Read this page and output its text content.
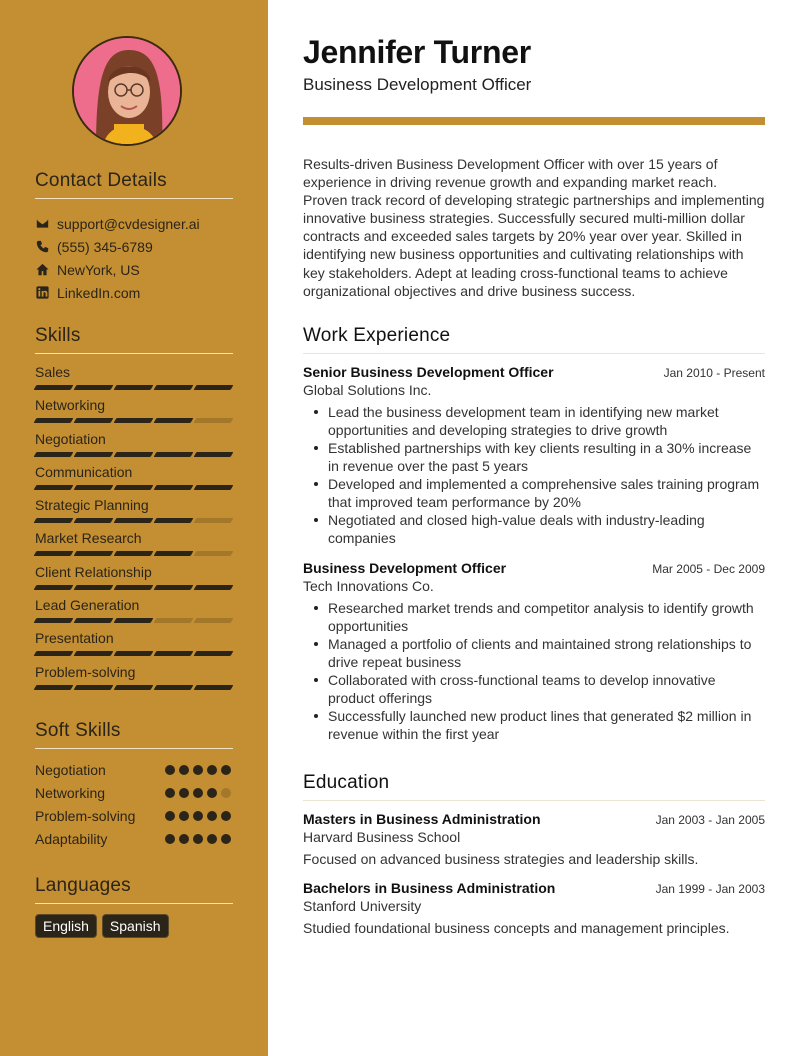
Contact Details
support@cvdesigner.ai
(555) 345-6789
NewYork, US
LinkedIn.com
Skills
Sales
Networking
Negotiation
Communication
Strategic Planning
Market Research
Client Relationship
Lead Generation
Presentation
Problem-solving
Soft Skills
Negotiation
Networking
Problem-solving
Adaptability
Languages
English	Spanish
Jennifer Turner
Business Development Officer
Results-driven Business Development Officer with over 15 years of experience in driving revenue growth and expanding market reach. Proven track record of developing strategic partnerships and implementing innovative business strategies. Successfully secured multi-million dollar contracts and exceeded sales targets by 20% year over year. Skilled in identifying new business opportunities and cultivating relationships with key stakeholders. Adept at leading cross-functional teams to achieve organizational objectives and drive business success.
Work Experience
Senior Business Development Officer	Jan 2010 - Present
Global Solutions Inc.
Lead the business development team in identifying new market opportunities and developing strategies to drive growth
Established partnerships with key clients resulting in a 30% increase in revenue over the past 5 years
Developed and implemented a comprehensive sales training program that improved team performance by 20%
Negotiated and closed high-value deals with industry-leading companies
Business Development Officer	Mar 2005 - Dec 2009
Tech Innovations Co.
Researched market trends and competitor analysis to identify growth opportunities
Managed a portfolio of clients and maintained strong relationships to drive repeat business
Collaborated with cross-functional teams to develop innovative product offerings
Successfully launched new product lines that generated $2 million in revenue within the first year
Education
Masters in Business Administration	Jan 2003 - Jan 2005
Harvard Business School
Focused on advanced business strategies and leadership skills.
Bachelors in Business Administration	Jan 1999 - Jan 2003
Stanford University
Studied foundational business concepts and management principles.
